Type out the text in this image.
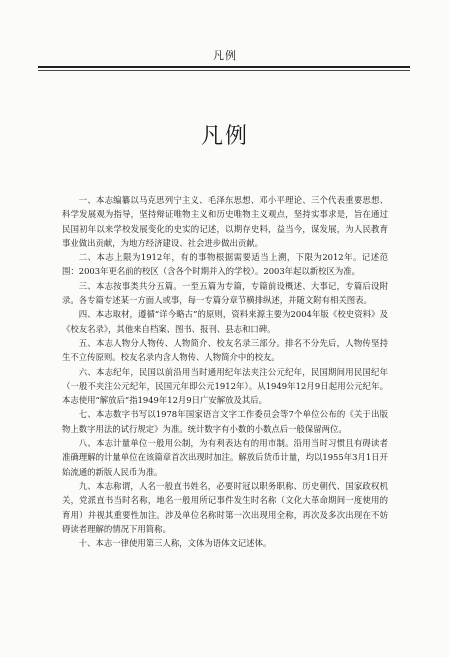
凡例
凡例

一、本志编纂以马克思列宁主义、毛泽东思想、邓小平理论、三个代表重要思想、科学发展观为指导，坚持辩证唯物主义和历史唯物主义观点，坚持实事求是，旨在通过民国初年以来学校发展变化的史实的记述，以期存史料，益当今，谋发展，为人民教育事业做出贡献，为地方经济建设、社会进步做出贡献。

二、本志上限为1912年，有的事物根据需要适当上溯，下限为2012年。记述范围：2003年更名前的校区（含各个时期并入的学校）。2003年起以新校区为准。

三、本志按事类共分五篇。一至五篇为专篇，专篇前设概述、大事记，专篇后设附录。各专篇专述某一方面人或事，每一专篇分章节横排纵述，并随文附有相关图表。

四、本志取材，遵循“详今略古”的原则，资料来源主要为2004年版《校史资料》及《校友名录》，其他来自档案、图书、报刊、县志和口碑。

五、本志人物分人物传、人物简介、校友名录三部分。排名不分先后，人物传坚持生不立传原则。校友名录内含人物传、人物简介中的校友。

六、本志纪年，民国以前沿用当时通用纪年法夹注公元纪年，民国期间用民国纪年（一般不夹注公元纪年，民国元年即公元1912年）。从1949年12月9日起用公元纪年。本志使用“解放后”指1949年12月9日广安解放及其后。

七、本志数字书写以1978年国家语言文字工作委员会等7个单位公布的《关于出版物上数字用法的试行规定》为准。统计数字有小数的小数点后一般保留两位。

八、本志计量单位一般用公制，为有利表达有的用市制。沿用当时习惯且有碍读者准确理解的计量单位在该篇章首次出现时加注。解放后货币计量，均以1955年3月1日开始流通的新版人民币为准。

九、本志称谓，人名一般直书姓名，必要时冠以职务职称、历史朝代、国家政权机关，党派直书当时名称，地名一般用所记事件发生时名称（文化大革命期间一度使用的育用）并视其重要性加注。涉及单位名称时第一次出现用全称，再次及多次出现在不妨碍读者理解的情况下用简称。

十、本志一律使用第三人称，文体为语体文记述体。
